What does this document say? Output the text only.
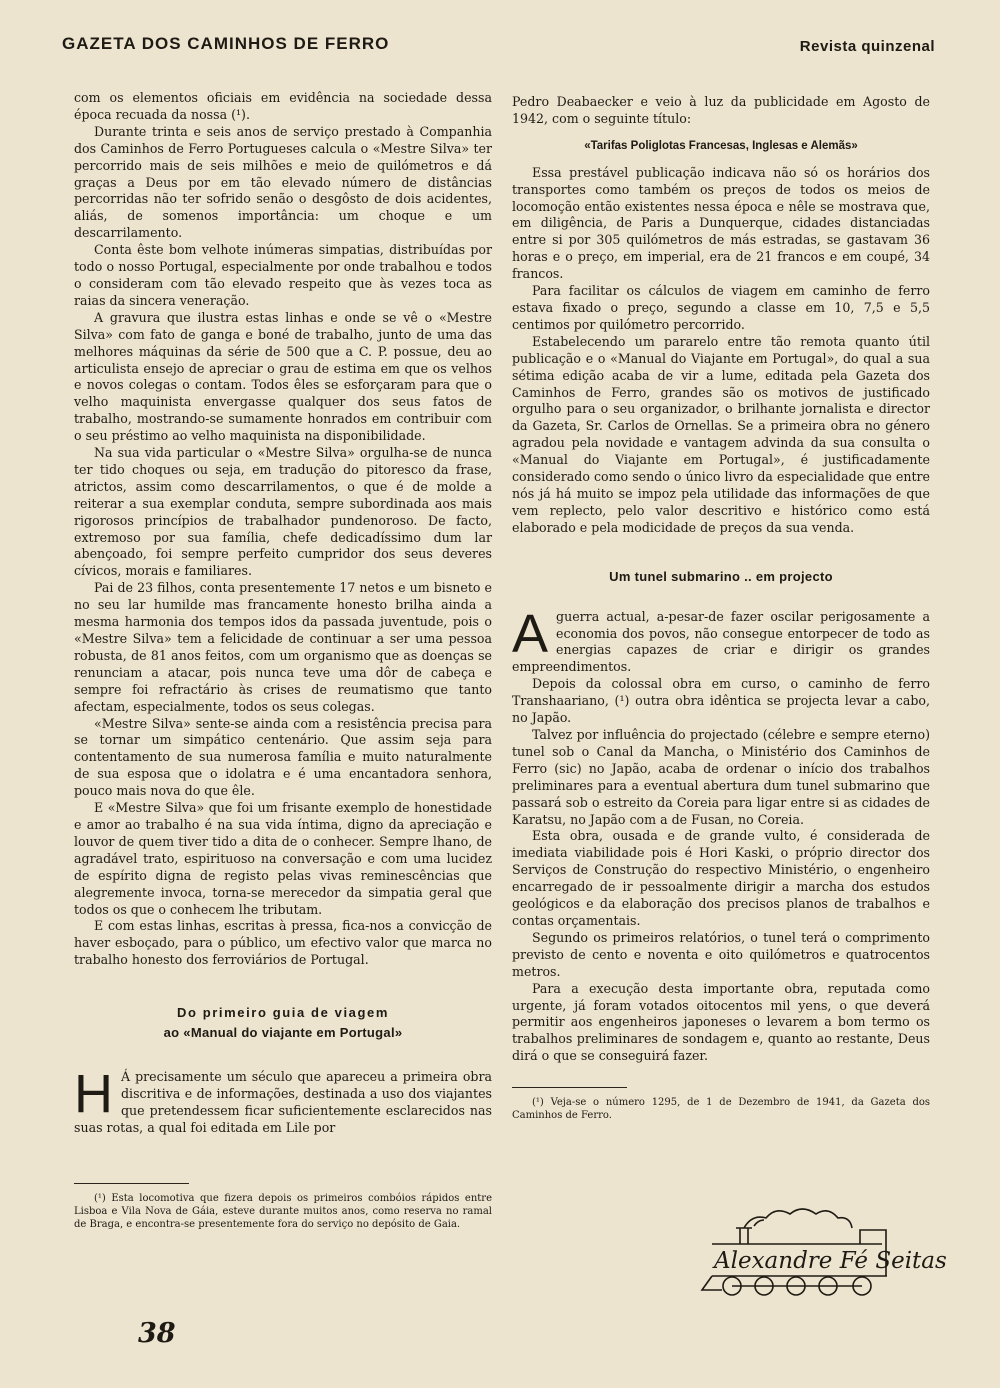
GAZETA DOS CAMINHOS DE FERRO	Revista quinzenal

com os elementos oficiais em evidência na sociedade dessa época recuada da nossa (¹).

Durante trinta e seis anos de serviço prestado à Companhia dos Caminhos de Ferro Portugueses calcula o «Mestre Silva» ter percorrido mais de seis milhões e meio de quilómetros e dá graças a Deus por em tão elevado número de distâncias percorridas não ter sofrido senão o desgôsto de dois acidentes, aliás, de somenos importância: um choque e um descarrilamento.

Conta êste bom velhote inúmeras simpatias, distribuídas por todo o nosso Portugal, especialmente por onde trabalhou e todos o consideram com tão elevado respeito que às vezes toca as raias da sincera veneração.

A gravura que ilustra estas linhas e onde se vê o «Mestre Silva» com fato de ganga e boné de trabalho, junto de uma das melhores máquinas da série de 500 que a C. P. possue, deu ao articulista ensejo de apreciar o grau de estima em que os velhos e novos colegas o contam. Todos êles se esforçaram para que o velho maquinista envergasse qualquer dos seus fatos de trabalho, mostrando-se sumamente honrados em contribuir com o seu préstimo ao velho maquinista na disponibilidade.

Na sua vida particular o «Mestre Silva» orgulha-se de nunca ter tido choques ou seja, em tradução do pitoresco da frase, atrictos, assim como descarrilamentos, o que é de molde a reiterar a sua exemplar conduta, sempre subordinada aos mais rigorosos princípios de trabalhador pundenoroso. De facto, extremoso por sua família, chefe dedicadíssimo dum lar abençoado, foi sempre perfeito cumpridor dos seus deveres cívicos, morais e familiares.

Pai de 23 filhos, conta presentemente 17 netos e um bisneto e no seu lar humilde mas francamente honesto brilha ainda a mesma harmonia dos tempos idos da passada juventude, pois o «Mestre Silva» tem a felicidade de continuar a ser uma pessoa robusta, de 81 anos feitos, com um organismo que as doenças se renunciam a atacar, pois nunca teve uma dôr de cabeça e sempre foi refractário às crises de reumatismo que tanto afectam, especialmente, todos os seus colegas.

«Mestre Silva» sente-se ainda com a resistência precisa para se tornar um simpático centenário. Que assim seja para contentamento de sua numerosa família e muito naturalmente de sua esposa que o idolatra e é uma encantadora senhora, pouco mais nova do que êle.

E «Mestre Silva» que foi um frisante exemplo de honestidade e amor ao trabalho é na sua vida íntima, digno da apreciação e louvor de quem tiver tido a dita de o conhecer. Sempre lhano, de agradável trato, espirituoso na conversação e com uma lucidez de espírito digna de registo pelas vivas reminescências que alegremente invoca, torna-se merecedor da simpatia geral que todos os que o conhecem lhe tributam.

E com estas linhas, escritas à pressa, fica-nos a convicção de haver esboçado, para o público, um efectivo valor que marca no trabalho honesto dos ferroviários de Portugal.

Do primeiro guia de viagem
ao «Manual do viajante em Portugal»
H Á precisamente um século que apareceu a primeira obra discritiva e de informações, destinada a uso dos viajantes que pretendessem ficar suficientemente esclarecidos nas suas rotas, a qual foi editada em Lile por

(¹) Esta locomotiva que fizera depois os primeiros combóios rápidos entre Lisboa e Vila Nova de Gáia, esteve durante muitos anos, como reserva no ramal de Braga, e encontra-se presentemente fora do serviço no depósito de Gaia.

Pedro Deabaecker e veio à luz da publicidade em Agosto de 1942, com o seguinte título:

«Tarifas Poliglotas Francesas, Inglesas e Alemãs»

Essa prestável publicação indicava não só os horários dos transportes como também os preços de todos os meios de locomoção então existentes nessa época e nêle se mostrava que, em diligência, de Paris a Dunquerque, cidades distanciadas entre si por 305 quilómetros de más estradas, se gastavam 36 horas e o preço, em imperial, era de 21 francos e em coupé, 34 francos.

Para facilitar os cálculos de viagem em caminho de ferro estava fixado o preço, segundo a classe em 10, 7,5 e 5,5 centimos por quilómetro percorrido.

Estabelecendo um pararelo entre tão remota quanto útil publicação e o «Manual do Viajante em Portugal», do qual a sua sétima edição acaba de vir a lume, editada pela Gazeta dos Caminhos de Ferro, grandes são os motivos de justificado orgulho para o seu organizador, o brilhante jornalista e director da Gazeta, Sr. Carlos de Ornellas. Se a primeira obra no género agradou pela novidade e vantagem advinda da sua consulta o «Manual do Viajante em Portugal», é justificadamente considerado como sendo o único livro da especialidade que entre nós já há muito se impoz pela utilidade das informações de que vem replecto, pelo valor descritivo e histórico como está elaborado e pela modicidade de preços da sua venda.

Um tunel submarino .. em projecto
A guerra actual, a-pesar-de fazer oscilar perigosamente a economia dos povos, não consegue entorpecer de todo as energias capazes de criar e dirigir os grandes empreendimentos.

Depois da colossal obra em curso, o caminho de ferro Transhaariano, (¹) outra obra idêntica se projecta levar a cabo, no Japão.

Talvez por influência do projectado (célebre e sempre eterno) tunel sob o Canal da Mancha, o Ministério dos Caminhos de Ferro (sic) no Japão, acaba de ordenar o início dos trabalhos preliminares para a eventual abertura dum tunel submarino que passará sob o estreito da Coreia para ligar entre si as cidades de Karatsu, no Japão com a de Fusan, no Coreia.

Esta obra, ousada e de grande vulto, é considerada de imediata viabilidade pois é Hori Kaski, o próprio director dos Serviços de Construção do respectivo Ministério, o engenheiro encarregado de ir pessoalmente dirigir a marcha dos estudos geológicos e da elaboração dos precisos planos de trabalhos e contas orçamentais.

Segundo os primeiros relatórios, o tunel terá o comprimento previsto de cento e noventa e oito quilómetros e quatrocentos metros.

Para a execução desta importante obra, reputada como urgente, já foram votados oitocentos mil yens, o que deverá permitir aos engenheiros japoneses o levarem a bom termo os trabalhos preliminares de sondagem e, quanto ao restante, Deus dirá o que se conseguirá fazer.

(¹) Veja-se o número 1295, de 1 de Dezembro de 1941, da Gazeta dos Caminhos de Ferro.

Alexandre Fé Seitas
38
